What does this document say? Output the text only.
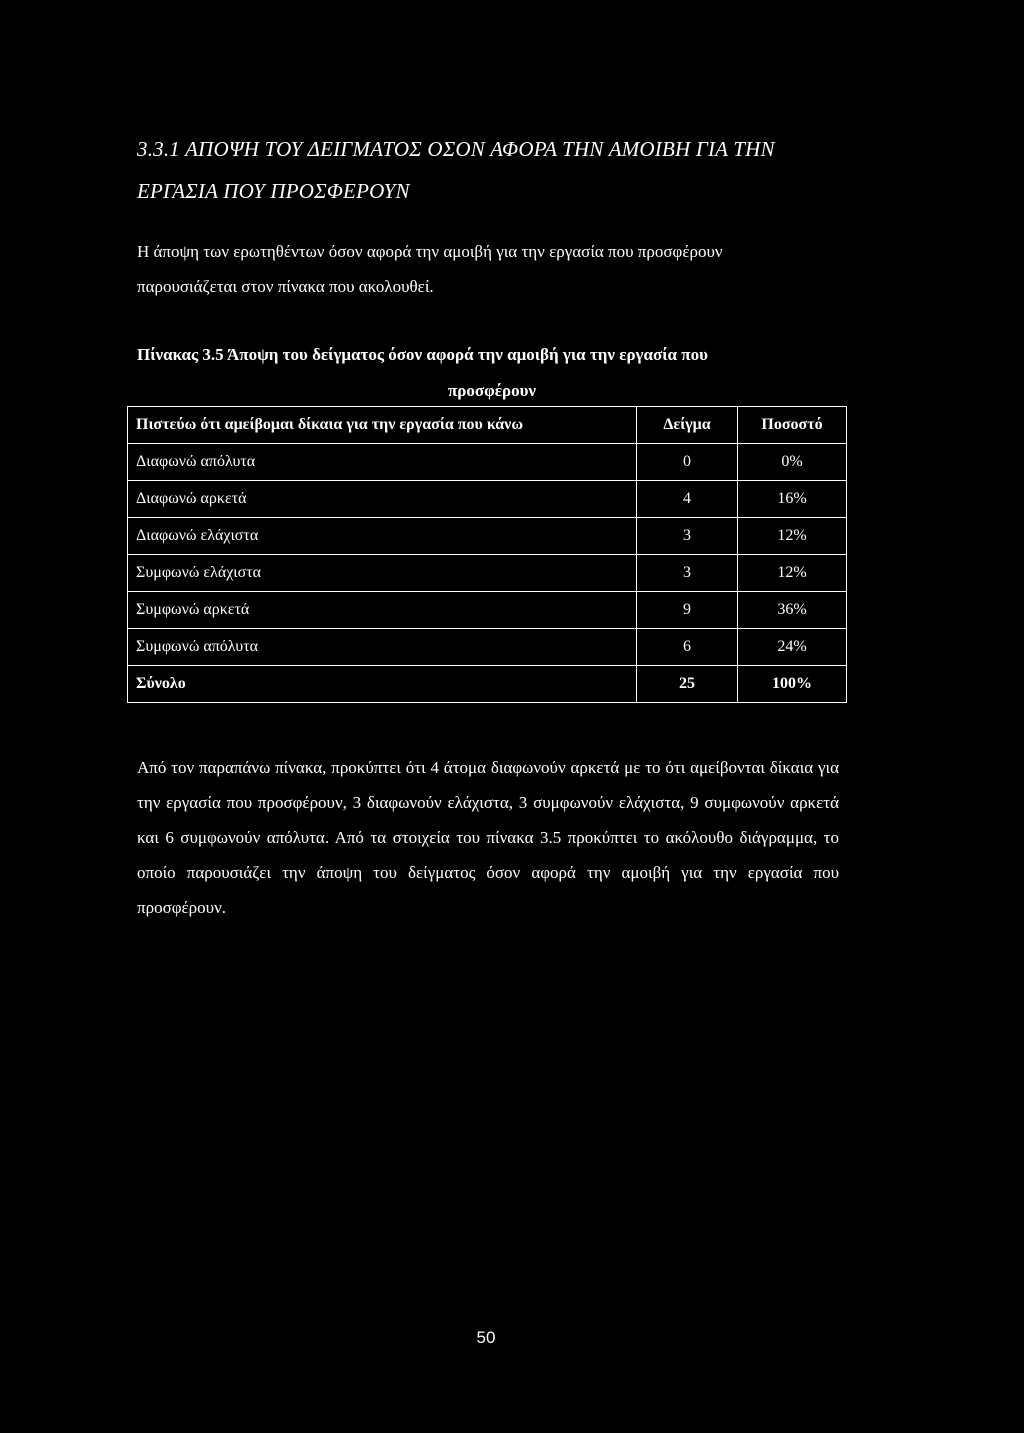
3.3.1 ΑΠΟΨΗ ΤΟΥ ΔΕΙΓΜΑΤΟΣ ΟΣΟΝ ΑΦΟΡΑ ΤΗΝ ΑΜΟΙΒΗ ΓΙΑ ΤΗΝ
ΕΡΓΑΣΙΑ ΠΟΥ ΠΡΟΣΦΕΡΟΥΝ
Η άποψη των ερωτηθέντων όσον αφορά την αμοιβή για την εργασία που προσφέρουν
παρουσιάζεται στον πίνακα που ακολουθεί.
Πίνακας 3.5 Άποψη του δείγματος όσον αφορά την αμοιβή για την εργασία που
προσφέρουν
Πιστεύω ότι αμείβομαι δίκαια για την εργασία που κάνω	Δείγμα	Ποσοστό
Διαφωνώ απόλυτα	0	0%
Διαφωνώ αρκετά	4	16%
Διαφωνώ ελάχιστα	3	12%
Συμφωνώ ελάχιστα	3	12%
Συμφωνώ αρκετά	9	36%
Συμφωνώ απόλυτα	6	24%
Σύνολο	25	100%
Από τον παραπάνω πίνακα, προκύπτει ότι 4 άτομα διαφωνούν αρκετά με το ότι αμείβονται δίκαια για την εργασία που προσφέρουν, 3 διαφωνούν ελάχιστα, 3 συμφωνούν ελάχιστα, 9 συμφωνούν αρκετά και 6 συμφωνούν απόλυτα. Από τα στοιχεία του πίνακα 3.5 προκύπτει το ακόλουθο διάγραμμα, το οποίο παρουσιάζει την άποψη του δείγματος όσον αφορά την αμοιβή για την εργασία που προσφέρουν.
50
